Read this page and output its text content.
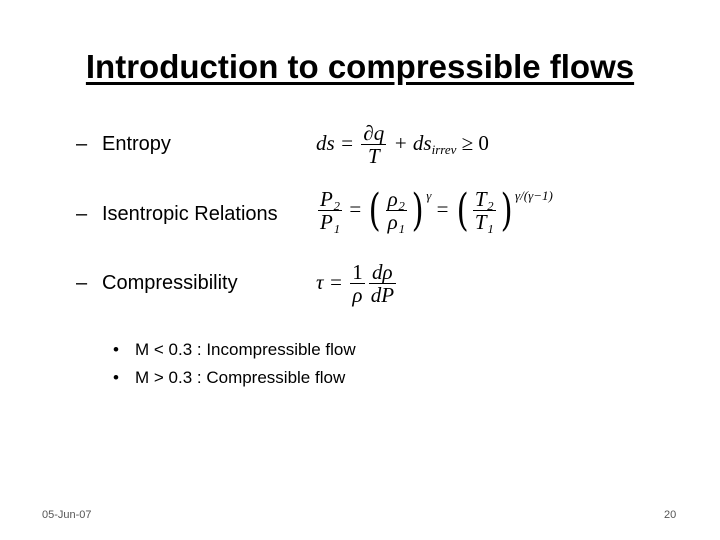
Introduction to compressible flows
– Entropy	ds = $\frac{\partial q}{T} + ds_{irrev} \ge 0$
– Isentropic Relations $\frac{\text{P₂}}{\text{P₁}}$ = ( $\frac{\text{ρ₂}}{\text{ρ₁}}$ ) $^\gamma$ = ( $\frac{\text{T₂}}{\text{T₁}}$ ) $^{\gamma/(\gamma-1)}$
– Compressibility	$\tau = \frac{1}{\rho} \frac{d\rho}{dP}$
• M < 0.3 : Incompressible flow
• M > 0.3 : Compressible flow
05-Jun-07	20
